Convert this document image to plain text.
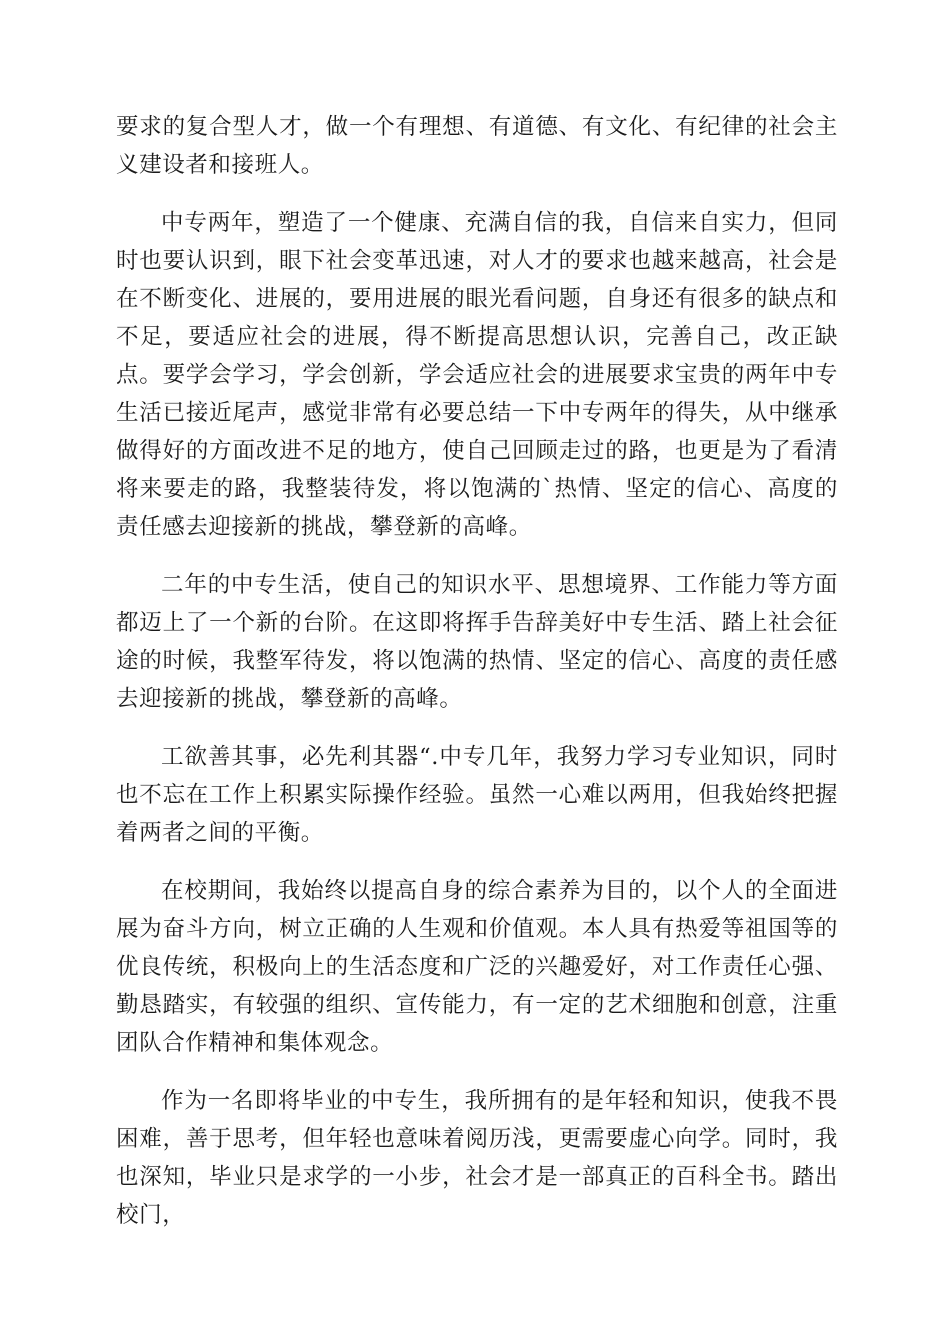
要求的复合型人才，做一个有理想、有道德、有文化、有纪律的社会主义建设者和接班人。

中专两年，塑造了一个健康、充满自信的我，自信来自实力，但同时也要认识到，眼下社会变革迅速，对人才的要求也越来越高，社会是在不断变化、进展的，要用进展的眼光看问题，自身还有很多的缺点和不足，要适应社会的进展，得不断提高思想认识，完善自己，改正缺点。要学会学习，学会创新，学会适应社会的进展要求宝贵的两年中专生活已接近尾声，感觉非常有必要总结一下中专两年的得失，从中继承做得好的方面改进不足的地方，使自己回顾走过的路，也更是为了看清将来要走的路，我整装待发，将以饱满的`热情、坚定的信心、高度的责任感去迎接新的挑战，攀登新的高峰。

二年的中专生活，使自己的知识水平、思想境界、工作能力等方面都迈上了一个新的台阶。在这即将挥手告辞美好中专生活、踏上社会征途的时候，我整军待发，将以饱满的热情、坚定的信心、高度的责任感去迎接新的挑战，攀登新的高峰。

工欲善其事，必先利其器“.中专几年，我努力学习专业知识，同时也不忘在工作上积累实际操作经验。虽然一心难以两用，但我始终把握着两者之间的平衡。

在校期间，我始终以提高自身的综合素养为目的，以个人的全面进展为奋斗方向，树立正确的人生观和价值观。本人具有热爱等祖国等的优良传统，积极向上的生活态度和广泛的兴趣爱好，对工作责任心强、勤恳踏实，有较强的组织、宣传能力，有一定的艺术细胞和创意，注重团队合作精神和集体观念。

作为一名即将毕业的中专生，我所拥有的是年轻和知识，使我不畏困难，善于思考，但年轻也意味着阅历浅，更需要虚心向学。同时，我也深知，毕业只是求学的一小步，社会才是一部真正的百科全书。踏出校门，
